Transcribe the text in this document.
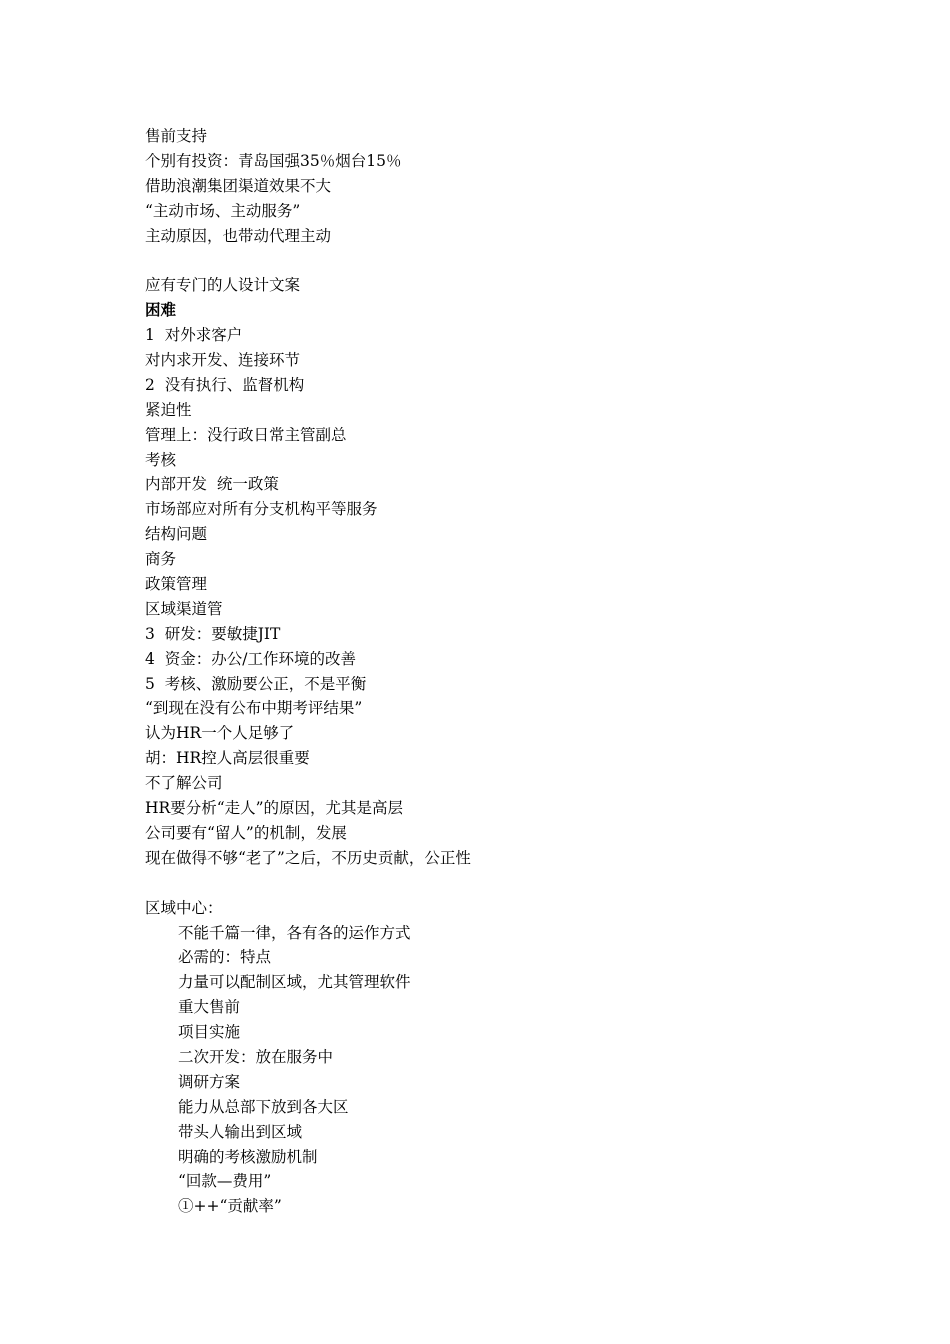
售前支持
个别有投资：青岛国强35％烟台15％
借助浪潮集团渠道效果不大
“主动市场、主动服务”
主动原因，也带动代理主动
应有专门的人设计文案
困难
1  对外求客户
对内求开发、连接环节
2  没有执行、监督机构
紧迫性
管理上：没行政日常主管副总
考核
内部开发  统一政策
市场部应对所有分支机构平等服务
结构问题
商务
政策管理
区域渠道管
3  研发：要敏捷JIT
4  资金：办公/工作环境的改善
5  考核、激励要公正，不是平衡
“到现在没有公布中期考评结果”
认为HR一个人足够了
胡：HR控人高层很重要
不了解公司
HR要分析“走人”的原因，尤其是高层
公司要有“留人”的机制，发展
现在做得不够“老了”之后，不历史贡献，公正性
区域中心：
不能千篇一律，各有各的运作方式
必需的：特点
力量可以配制区域，尤其管理软件
重大售前
项目实施
二次开发：放在服务中
调研方案
能力从总部下放到各大区
带头人输出到区域
明确的考核激励机制
“回款—费用”
①++“贡献率”
